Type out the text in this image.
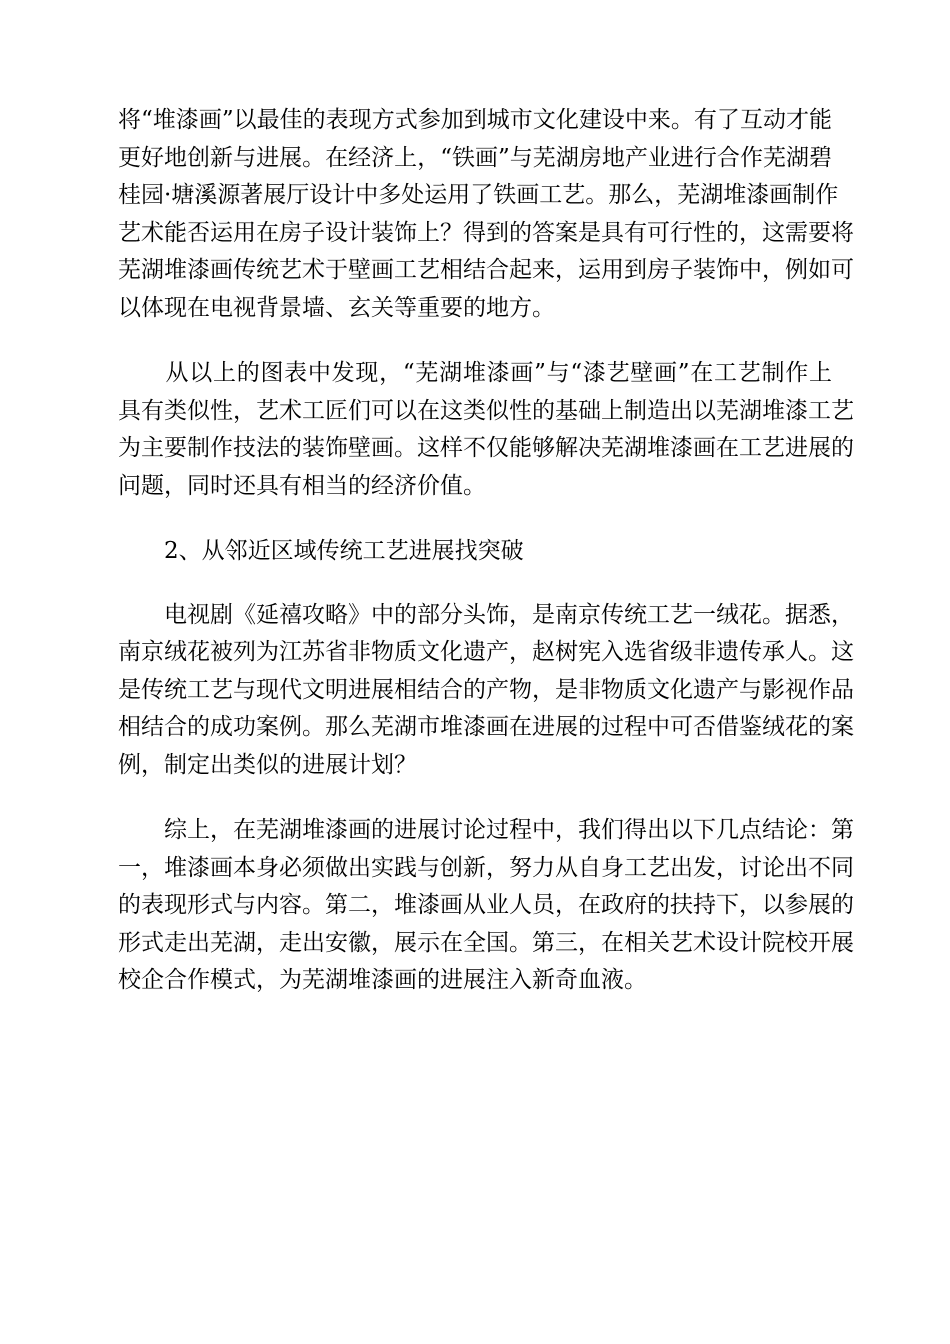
将“堆漆画”以最佳的表现方式参加到城市文化建设中来。有了互动才能
更好地创新与进展。在经济上，“铁画”与芜湖房地产业进行合作芜湖碧
桂园·塘溪源著展厅设计中多处运用了铁画工艺。那么，芜湖堆漆画制作
艺术能否运用在房子设计装饰上？得到的答案是具有可行性的，这需要将
芜湖堆漆画传统艺术于壁画工艺相结合起来，运用到房子装饰中，例如可
以体现在电视背景墙、玄关等重要的地方。

　　从以上的图表中发现，“芜湖堆漆画”与“漆艺壁画”在工艺制作上
具有类似性，艺术工匠们可以在这类似性的基础上制造出以芜湖堆漆工艺
为主要制作技法的装饰壁画。这样不仅能够解决芜湖堆漆画在工艺进展的
问题，同时还具有相当的经济价值。

　　2、从邻近区域传统工艺进展找突破

　　电视剧《延禧攻略》中的部分头饰，是南京传统工艺一绒花。据悉，
南京绒花被列为江苏省非物质文化遗产，赵树宪入选省级非遗传承人。这
是传统工艺与现代文明进展相结合的产物，是非物质文化遗产与影视作品
相结合的成功案例。那么芜湖市堆漆画在进展的过程中可否借鉴绒花的案
例，制定出类似的进展计划？

　　综上，在芜湖堆漆画的进展讨论过程中，我们得出以下几点结论：第
一，堆漆画本身必须做出实践与创新，努力从自身工艺出发，讨论出不同
的表现形式与内容。第二，堆漆画从业人员，在政府的扶持下，以参展的
形式走出芜湖，走出安徽，展示在全国。第三，在相关艺术设计院校开展
校企合作模式，为芜湖堆漆画的进展注入新奇血液。
